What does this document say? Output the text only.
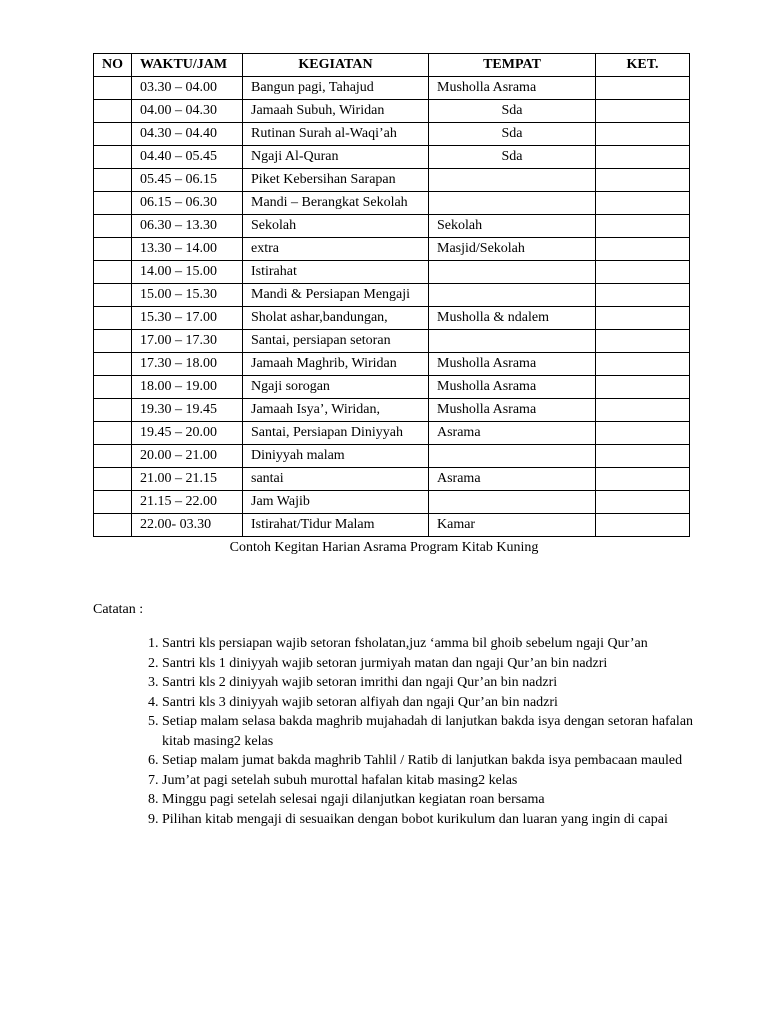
NO	WAKTU/JAM	KEGIATAN	TEMPAT	KET.
	03.30 – 04.00	Bangun pagi, Tahajud	Musholla Asrama	
	04.00 – 04.30	Jamaah Subuh, Wiridan	Sda	
	04.30 – 04.40	Rutinan Surah al-Waqi’ah	Sda	
	04.40 – 05.45	Ngaji Al-Quran	Sda	
	05.45 – 06.15	Piket Kebersihan Sarapan		
	06.15 – 06.30	Mandi – Berangkat Sekolah		
	06.30 – 13.30	Sekolah	Sekolah	
	13.30 – 14.00	extra	Masjid/Sekolah	
	14.00 – 15.00	Istirahat		
	15.00 – 15.30	Mandi & Persiapan Mengaji		
	15.30 – 17.00	Sholat ashar,bandungan,	Musholla & ndalem	
	17.00 – 17.30	Santai, persiapan setoran		
	17.30 – 18.00	Jamaah Maghrib, Wiridan	Musholla Asrama	
	18.00 – 19.00	Ngaji sorogan	Musholla Asrama	
	19.30 – 19.45	Jamaah Isya’, Wiridan,	Musholla Asrama	
	19.45 – 20.00	Santai, Persiapan Diniyyah	Asrama	
	20.00 – 21.00	Diniyyah malam		
	21.00 – 21.15	santai	Asrama	
	21.15 – 22.00	Jam Wajib		
	22.00- 03.30	Istirahat/Tidur Malam	Kamar	
Contoh Kegitan Harian Asrama Program Kitab Kuning
Catatan :
1. Santri kls persiapan wajib setoran fsholatan,juz ‘amma bil ghoib sebelum ngaji Qur’an
2. Santri kls 1 diniyyah wajib setoran jurmiyah matan dan ngaji Qur’an bin nadzri
3. Santri kls 2 diniyyah wajib setoran imrithi dan ngaji Qur’an bin nadzri
4. Santri kls 3 diniyyah wajib setoran alfiyah dan ngaji Qur’an bin nadzri
5. Setiap malam selasa bakda maghrib mujahadah di lanjutkan bakda isya dengan setoran hafalan kitab masing2 kelas
6. Setiap malam jumat bakda maghrib Tahlil / Ratib di lanjutkan bakda isya pembacaan mauled
7. Jum’at pagi setelah subuh murottal hafalan kitab masing2 kelas
8. Minggu pagi setelah selesai ngaji dilanjutkan kegiatan roan bersama
9. Pilihan kitab mengaji di sesuaikan dengan bobot kurikulum dan luaran yang ingin di capai
